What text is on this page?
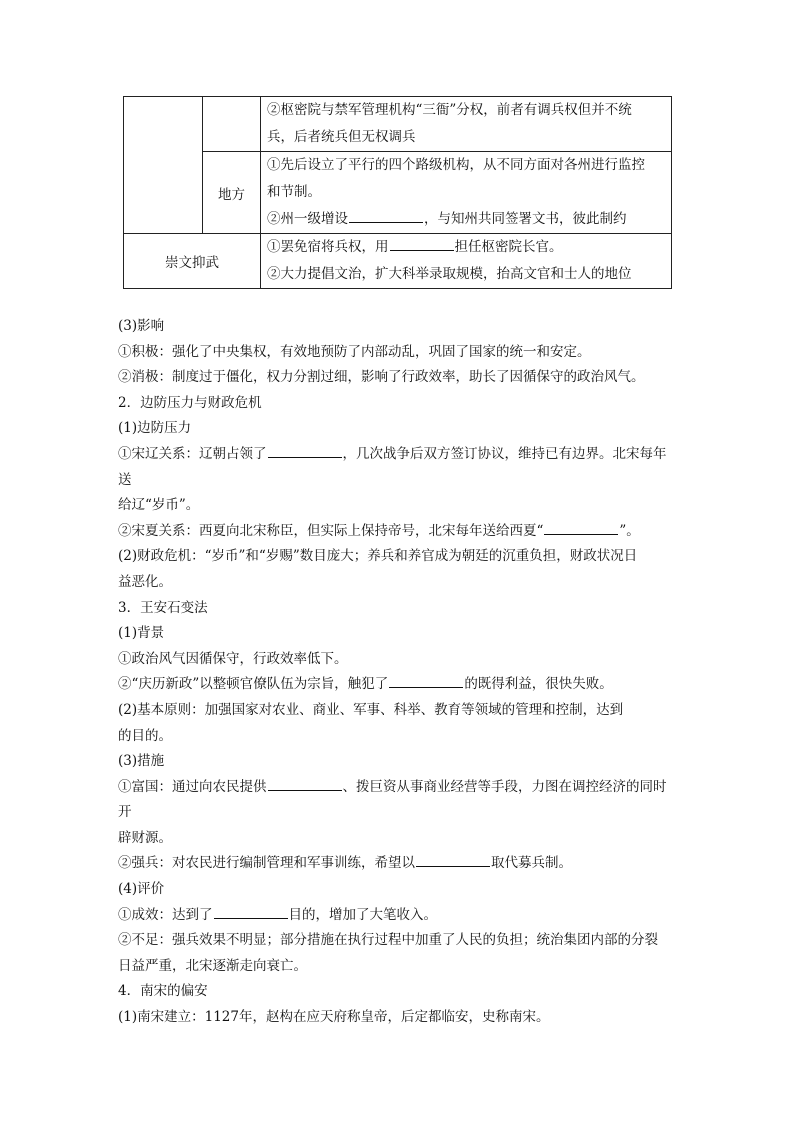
		②枢密院与禁军管理机构“三衙”分权，前者有调兵权但并不统

兵，后者统兵但无权调兵

	地方	①先后设立了平行的四个路级机构，从不同方面对各州进行监控

和节制。

②州一级增设 ，与知州共同签署文书，彼此制约

崇文抑武		①罢免宿将兵权，用 担任枢密院长官。

②大力提倡文治，扩大科举录取规模，抬高文官和士人的地位

(3)影响

①积极：强化了中央集权，有效地预防了内部动乱，巩固了国家的统一和安定。

②消极：制度过于僵化，权力分割过细，影响了行政效率，助长了因循保守的政治风气。

2．边防压力与财政危机

(1)边防压力

①宋辽关系：辽朝占领了	，几次战争后双方签订协议，维持已有边界。北宋每年送

给辽“岁币”。

②宋夏关系：西夏向北宋称臣，但实际上保持帝号，北宋每年送给西夏“	”。

(2)财政危机：“岁币”和“岁赐”数目庞大；养兵和养官成为朝廷的沉重负担，财政状况日

益恶化。

3．王安石变法

(1)背景

①政治风气因循保守，行政效率低下。

②“庆历新政”以整顿官僚队伍为宗旨，触犯了	的既得利益，很快失败。

(2)基本原则：加强国家对农业、商业、军事、科举、教育等领域的管理和控制，达到

的目的。

(3)措施

①富国：通过向农民提供	、拨巨资从事商业经营等手段，力图在调控经济的同时开

辟财源。

②强兵：对农民进行编制管理和军事训练，希望以	取代募兵制。

(4)评价

①成效：达到了	目的，增加了大笔收入。

②不足：强兵效果不明显；部分措施在执行过程中加重了人民的负担；统治集团内部的分裂

日益严重，北宋逐渐走向衰亡。

4．南宋的偏安

(1)南宋建立：1127年，赵构在应天府称皇帝，后定都临安，史称南宋。
